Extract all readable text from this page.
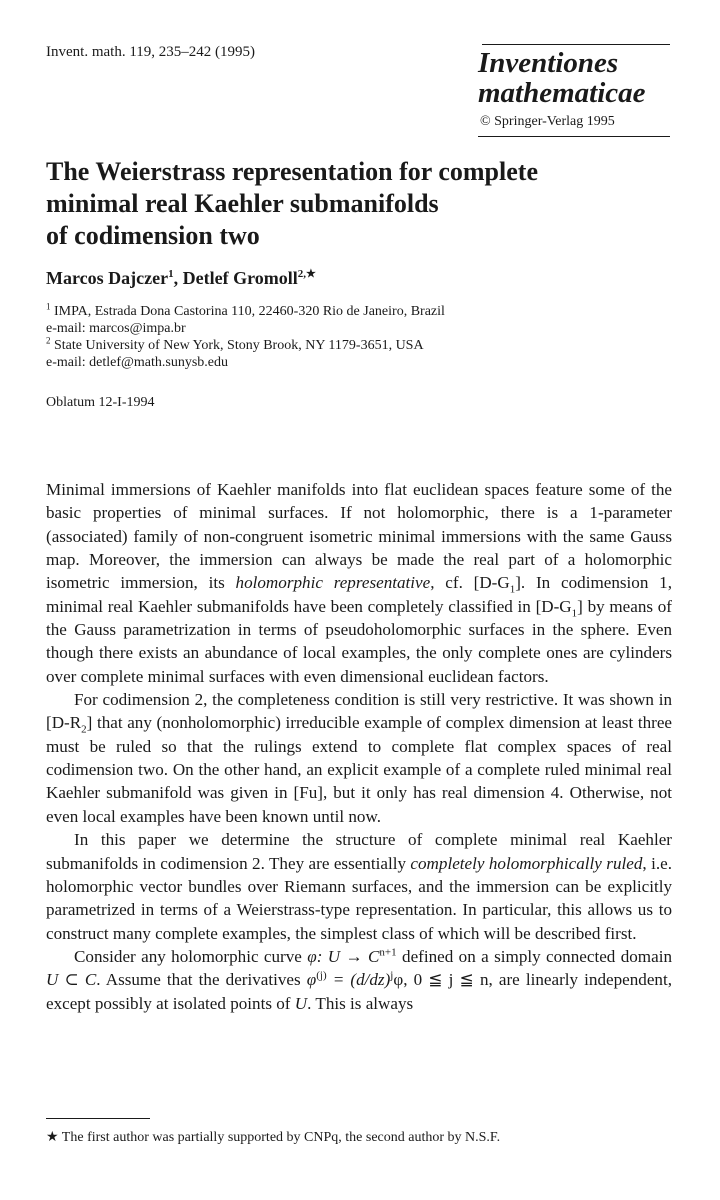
Invent. math. 119, 235–242 (1995)	Inventiones
mathematicae
© Springer-Verlag 1995
The Weierstrass representation for complete
minimal real Kaehler submanifolds
of codimension two
Marcos Dajczer$^1$, Detlef Gromoll$^{2,★}$
$^1$ IMPA, Estrada Dona Castorina 110, 22460-320 Rio de Janeiro, Brazil
e-mail: marcos@impa.br
$^2$ State University of New York, Stony Brook, NY 1179-3651, USA
e-mail: detlef@math.sunysb.edu
Oblatum 12-I-1994

Minimal immersions of Kaehler manifolds into flat euclidean spaces feature some of the basic properties of minimal surfaces. If not holomorphic, there is a 1-parameter (associated) family of non-congruent isometric minimal immersions with the same Gauss map. Moreover, the immersion can always be made the real part of a holomorphic isometric immersion, its holomorphic representative, cf. $[D-G_1]$. In codimension 1, minimal real Kaehler submanifolds have been completely classified in $[D-G_1]$ by means of the Gauss parametrization in terms of pseudoholomorphic surfaces in the sphere. Even though there exists an abundance of local examples, the only complete ones are cylinders over complete minimal surfaces with even dimensional euclidean factors.

For codimension 2, the completeness condition is still very restrictive. It was shown in $[D-R_2]$ that any (nonholomorphic) irreducible example of complex dimension at least three must be ruled so that the rulings extend to complete flat complex spaces of real codimension two. On the other hand, an explicit example of a complete ruled minimal real Kaehler submanifold was given in [Fu], but it only has real dimension 4. Otherwise, not even local examples have been known until now.

In this paper we determine the structure of complete minimal real Kaehler submanifolds in codimension 2. They are essentially completely holomorphically ruled, i.e. holomorphic vector bundles over Riemann surfaces, and the immersion can be explicitly parametrized in terms of a Weierstrass-type representation. In particular, this allows us to construct many complete examples, the simplest class of which will be described first.

Consider any holomorphic curve φ: $U \to C^{n+1}$ defined on a simply connected domain U ⊂ C. Assume that the derivatives $\varphi^{(j)} = (d/dz)^j\varphi$, 0 ≦ j ≦ n, are linearly independent, except possibly at isolated points of U. This is always

★ The first author was partially supported by CNPq, the second author by N.S.F.
